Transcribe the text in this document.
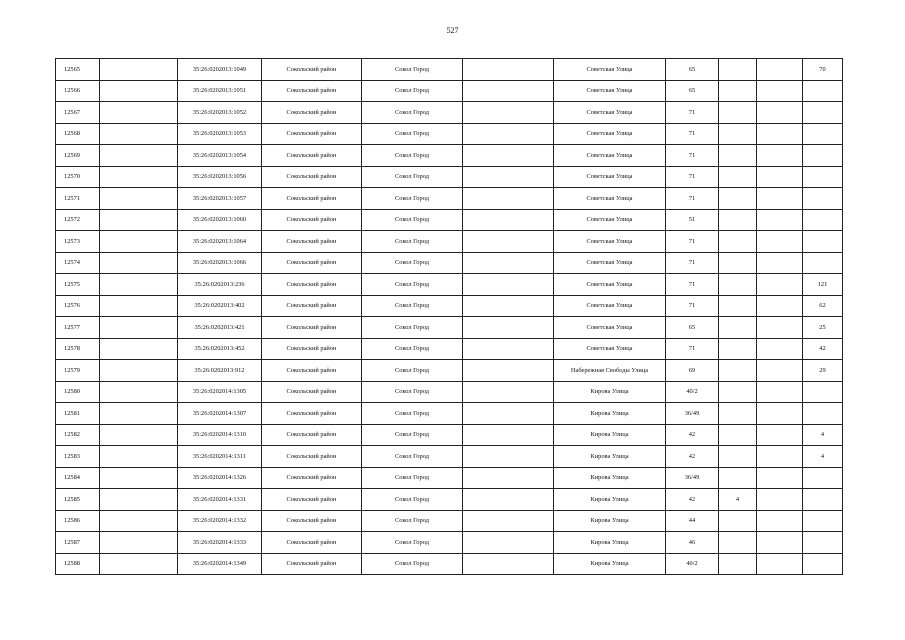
527
12565		35:26:0202013:1049	Сокольский район	Сокол Город		Советская Улица	65			70
12566		35:26:0202013:1051	Сокольский район	Сокол Город		Советская Улица	65			
12567		35:26:0202013:1052	Сокольский район	Сокол Город		Советская Улица	71			
12568		35:26:0202013:1053	Сокольский район	Сокол Город		Советская Улица	71			
12569		35:26:0202013:1054	Сокольский район	Сокол Город		Советская Улица	71			
12570		35:26:0202013:1056	Сокольский район	Сокол Город		Советская Улица	71			
12571		35:26:0202013:1057	Сокольский район	Сокол Город		Советская Улица	71			
12572		35:26:0202013:1060	Сокольский район	Сокол Город		Советская Улица	51			
12573		35:26:0202013:1064	Сокольский район	Сокол Город		Советская Улица	71			
12574		35:26:0202013:1066	Сокольский район	Сокол Город		Советская Улица	71			
12575		35:26:0202013:236	Сокольский район	Сокол Город		Советская Улица	71			121
12576		35:26:0202013:402	Сокольский район	Сокол Город		Советская Улица	71			62
12577		35:26:0202013:421	Сокольский район	Сокол Город		Советская Улица	65			25
12578		35:26:0202013:452	Сокольский район	Сокол Город		Советская Улица	71			42
12579		35:26:0202013:912	Сокольский район	Сокол Город		Набережная Свободы Улица	69			29
12580		35:26:0202014:1305	Сокольский район	Сокол Город		Кирова Улица	40/2			
12581		35:26:0202014:1307	Сокольский район	Сокол Город		Кирова Улица	36/49			
12582		35:26:0202014:1310	Сокольский район	Сокол Город		Кирова Улица	42			4
12583		35:26:0202014:1311	Сокольский район	Сокол Город		Кирова Улица	42			4
12584		35:26:0202014:1326	Сокольский район	Сокол Город		Кирова Улица	36/49			
12585		35:26:0202014:1331	Сокольский район	Сокол Город		Кирова Улица	42	4		
12586		35:26:0202014:1332	Сокольский район	Сокол Город		Кирова Улица	44			
12587		35:26:0202014:1333	Сокольский район	Сокол Город		Кирова Улица	46			
12588		35:26:0202014:1349	Сокольский район	Сокол Город		Кирова Улица	40/2			
